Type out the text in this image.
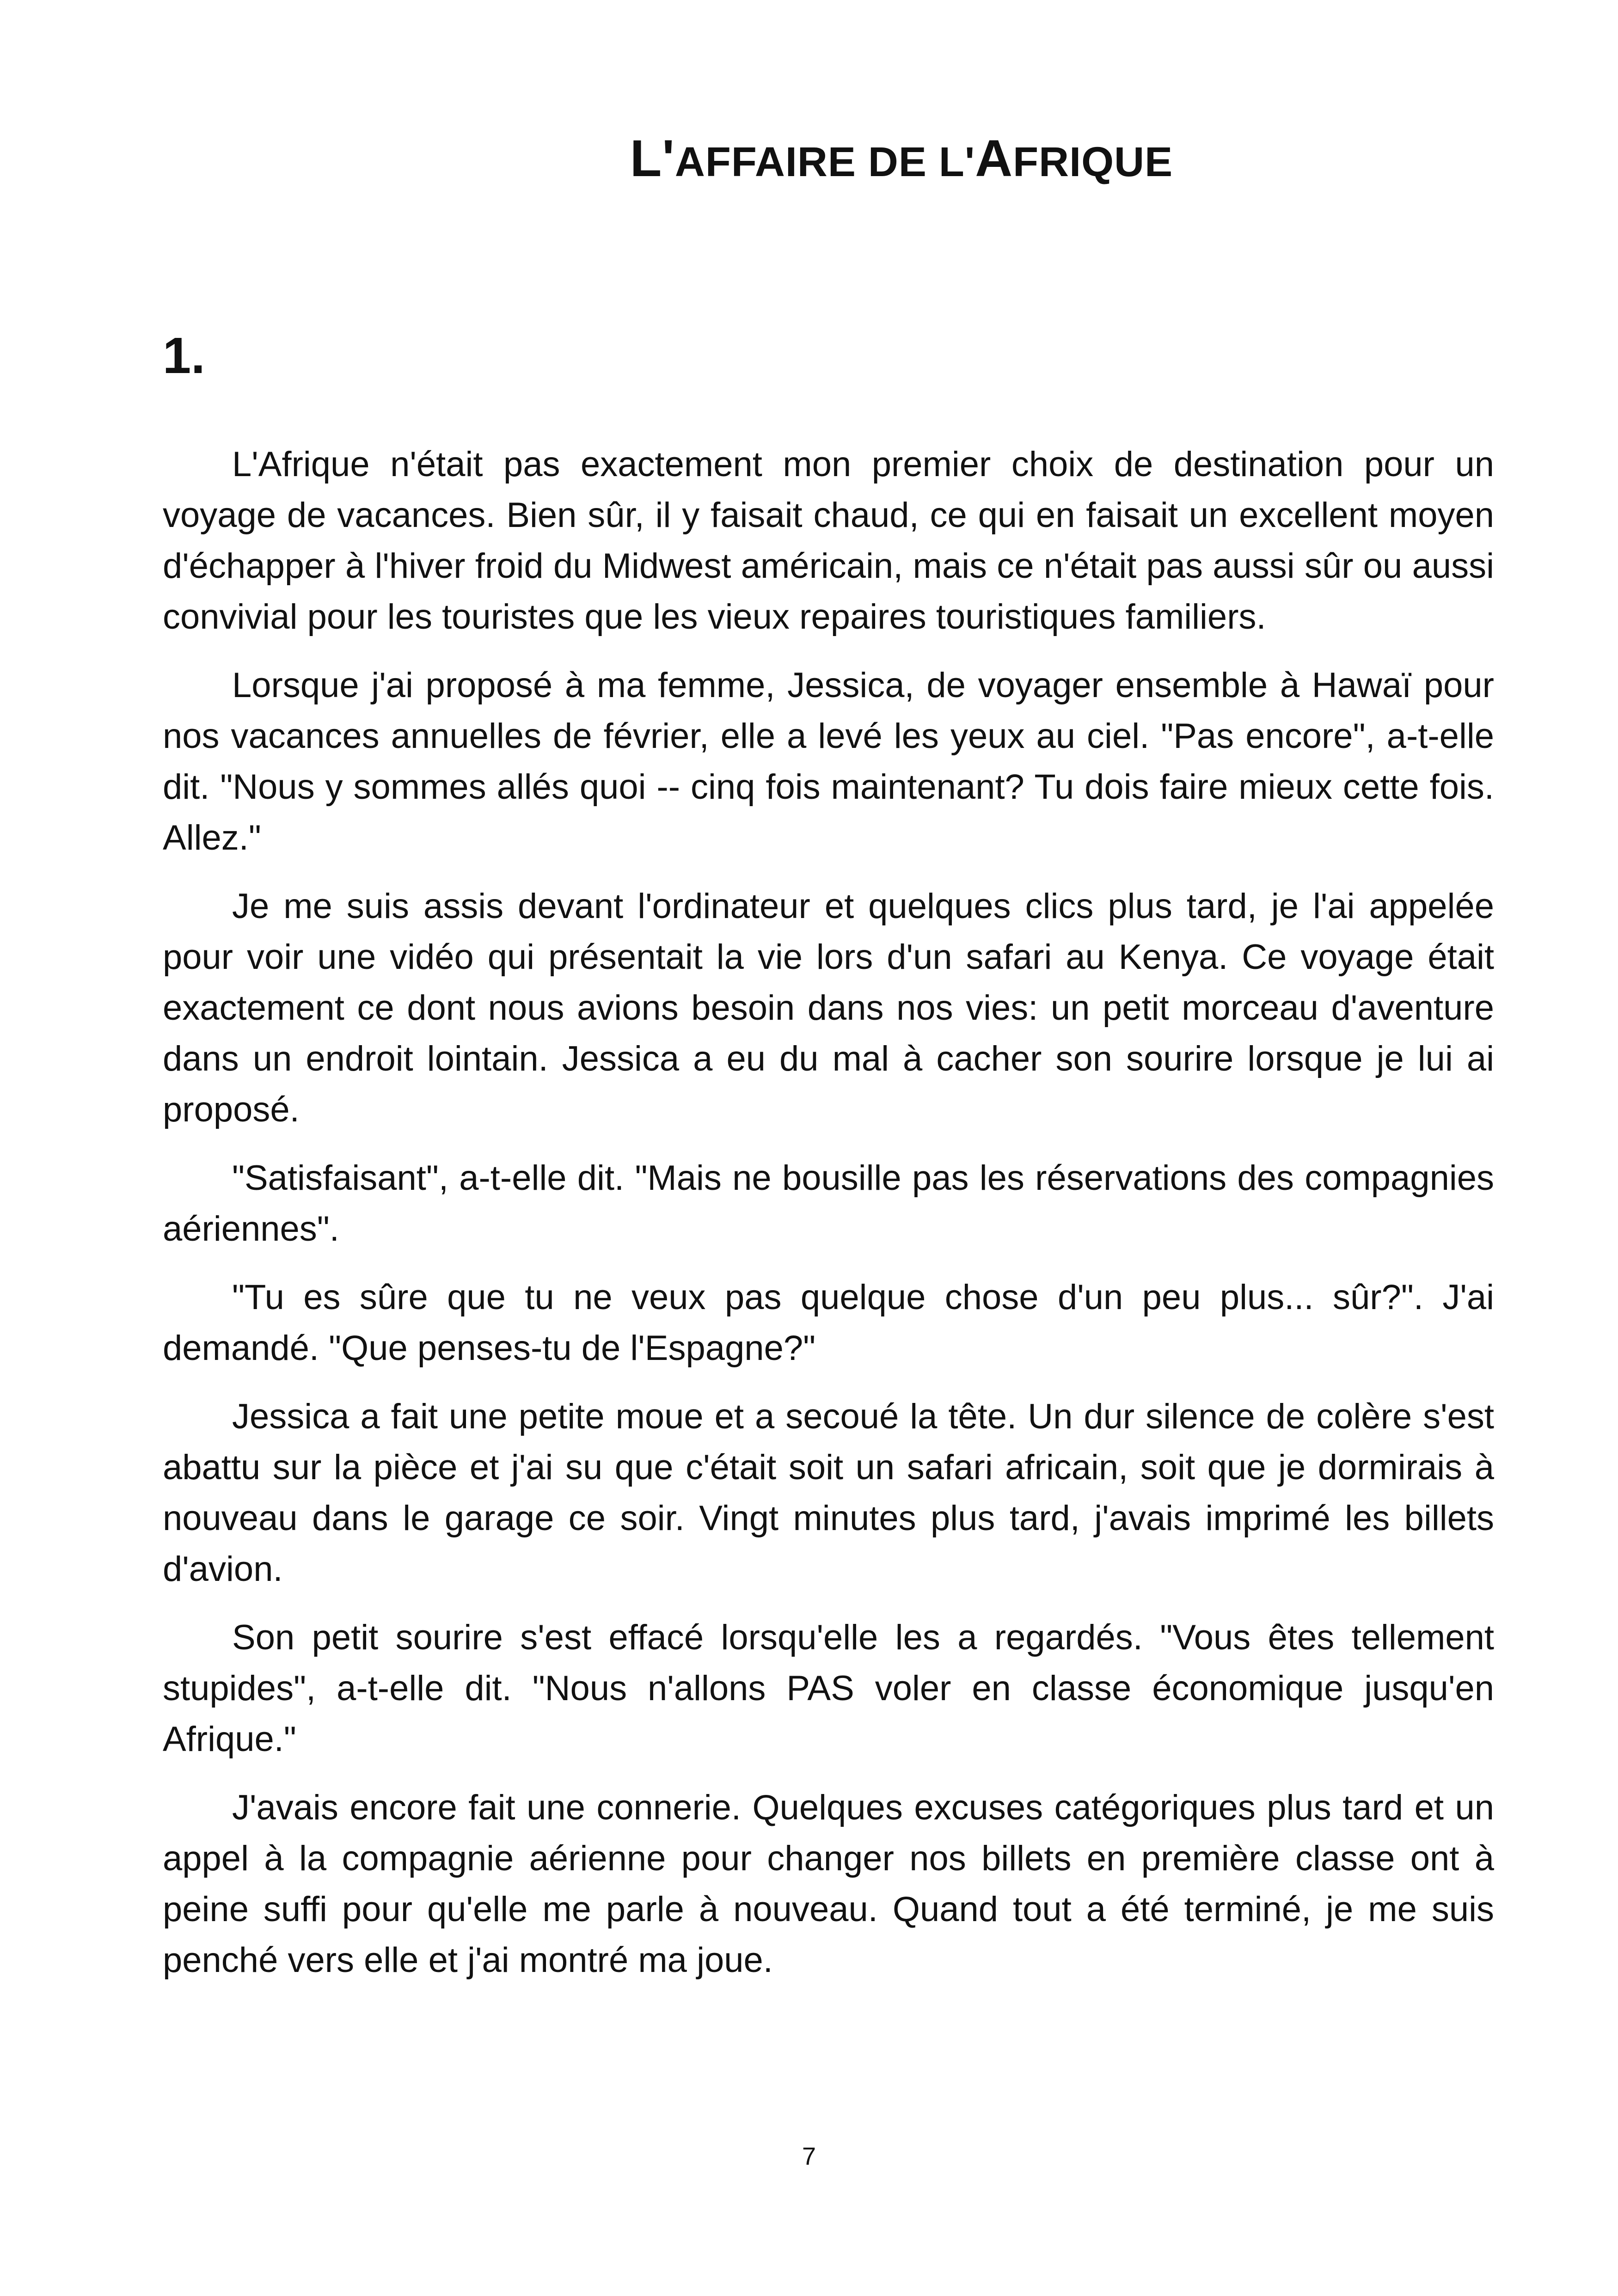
L'AFFAIRE DE L'AFRIQUE
1.

L'Afrique n'était pas exactement mon premier choix de destination pour un voyage de vacances. Bien sûr, il y faisait chaud, ce qui en faisait un excellent moyen d'échapper à l'hiver froid du Midwest américain, mais ce n'était pas aussi sûr ou aussi convivial pour les touristes que les vieux repaires touristiques familiers.

Lorsque j'ai proposé à ma femme, Jessica, de voyager ensemble à Hawaï pour nos vacances annuelles de février, elle a levé les yeux au ciel. "Pas encore", a-t-elle dit. "Nous y sommes allés quoi -- cinq fois maintenant? Tu dois faire mieux cette fois. Allez."

Je me suis assis devant l'ordinateur et quelques clics plus tard, je l'ai appelée pour voir une vidéo qui présentait la vie lors d'un safari au Kenya. Ce voyage était exactement ce dont nous avions besoin dans nos vies: un petit morceau d'aventure dans un endroit lointain. Jessica a eu du mal à cacher son sourire lorsque je lui ai proposé.

"Satisfaisant", a-t-elle dit. "Mais ne bousille pas les réservations des compagnies aériennes".

"Tu es sûre que tu ne veux pas quelque chose d'un peu plus... sûr?". J'ai demandé. "Que penses-tu de l'Espagne?"

Jessica a fait une petite moue et a secoué la tête. Un dur silence de colère s'est abattu sur la pièce et j'ai su que c'était soit un safari africain, soit que je dormirais à nouveau dans le garage ce soir. Vingt minutes plus tard, j'avais imprimé les billets d'avion.

Son petit sourire s'est effacé lorsqu'elle les a regardés. "Vous êtes tellement stupides", a-t-elle dit. "Nous n'allons PAS voler en classe économique jusqu'en Afrique."

J'avais encore fait une connerie. Quelques excuses catégoriques plus tard et un appel à la compagnie aérienne pour changer nos billets en première classe ont à peine suffi pour qu'elle me parle à nouveau. Quand tout a été terminé, je me suis penché vers elle et j'ai montré ma joue.

7
